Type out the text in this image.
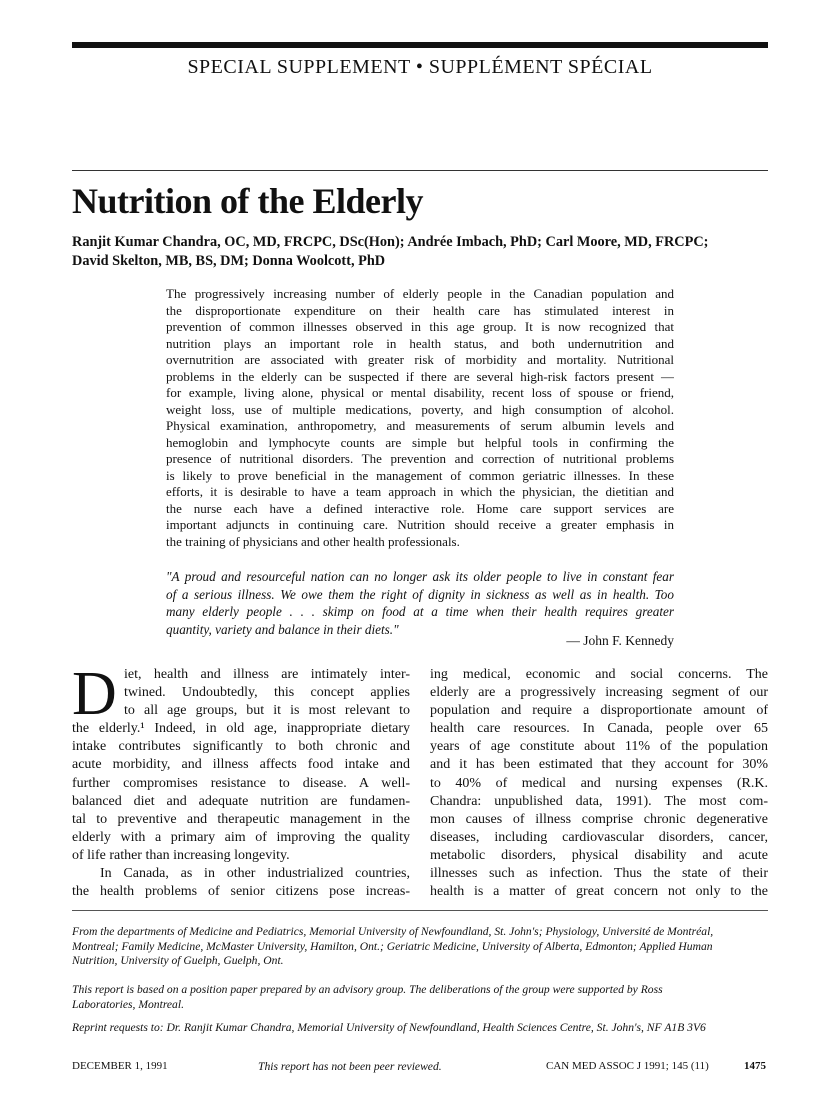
SPECIAL SUPPLEMENT • SUPPLÉMENT SPÉCIAL
Nutrition of the Elderly
Ranjit Kumar Chandra, OC, MD, FRCPC, DSc(Hon); Andrée Imbach, PhD; Carl Moore, MD, FRCPC;
David Skelton, MB, BS, DM; Donna Woolcott, PhD
The progressively increasing number of elderly people in the Canadian population and
the disproportionate expenditure on their health care has stimulated interest in
prevention of common illnesses observed in this age group. It is now recognized that
nutrition plays an important role in health status, and both undernutrition and
overnutrition are associated with greater risk of morbidity and mortality. Nutritional
problems in the elderly can be suspected if there are several high-risk factors present —
for example, living alone, physical or mental disability, recent loss of spouse or friend,
weight loss, use of multiple medications, poverty, and high consumption of alcohol.
Physical examination, anthropometry, and measurements of serum albumin levels and
hemoglobin and lymphocyte counts are simple but helpful tools in confirming the
presence of nutritional disorders. The prevention and correction of nutritional problems
is likely to prove beneficial in the management of common geriatric illnesses. In these
efforts, it is desirable to have a team approach in which the physician, the dietitian and
the nurse each have a defined interactive role. Home care support services are
important adjuncts in continuing care. Nutrition should receive a greater emphasis in
the training of physicians and other health professionals.
"A proud and resourceful nation can no longer ask its older people to live in constant fear
of a serious illness. We owe them the right of dignity in sickness as well as in health. Too
many elderly people . . . skimp on food at a time when their health requires greater
quantity, variety and balance in their diets."
— John F. Kennedy
D iet, health and illness are intimately inter-
twined. Undoubtedly, this concept applies
to all age groups, but it is most relevant to
the elderly.¹ Indeed, in old age, inappropriate dietary
intake contributes significantly to both chronic and
acute morbidity, and illness affects food intake and
further compromises resistance to disease. A well-
balanced diet and adequate nutrition are fundamen-
tal to preventive and therapeutic management in the
elderly with a primary aim of improving the quality
of life rather than increasing longevity.
In Canada, as in other industrialized countries,
the health problems of senior citizens pose increas-
ing medical, economic and social concerns. The
elderly are a progressively increasing segment of our
population and require a disproportionate amount of
health care resources. In Canada, people over 65
years of age constitute about 11% of the population
and it has been estimated that they account for 30%
to 40% of medical and nursing expenses (R.K.
Chandra: unpublished data, 1991). The most com-
mon causes of illness comprise chronic degenerative
diseases, including cardiovascular disorders, cancer,
metabolic disorders, physical disability and acute
illnesses such as infection. Thus the state of their
health is a matter of great concern not only to the
From the departments of Medicine and Pediatrics, Memorial University of Newfoundland, St. John's; Physiology, Université de Montréal,
Montreal; Family Medicine, McMaster University, Hamilton, Ont.; Geriatric Medicine, University of Alberta, Edmonton; Applied Human
Nutrition, University of Guelph, Guelph, Ont.
This report is based on a position paper prepared by an advisory group. The deliberations of the group were supported by Ross
Laboratories, Montreal.
Reprint requests to: Dr. Ranjit Kumar Chandra, Memorial University of Newfoundland, Health Sciences Centre, St. John's, NF A1B 3V6
DECEMBER 1, 1991	This report has not been peer reviewed.	CAN MED ASSOC J 1991; 145 (11)	1475
